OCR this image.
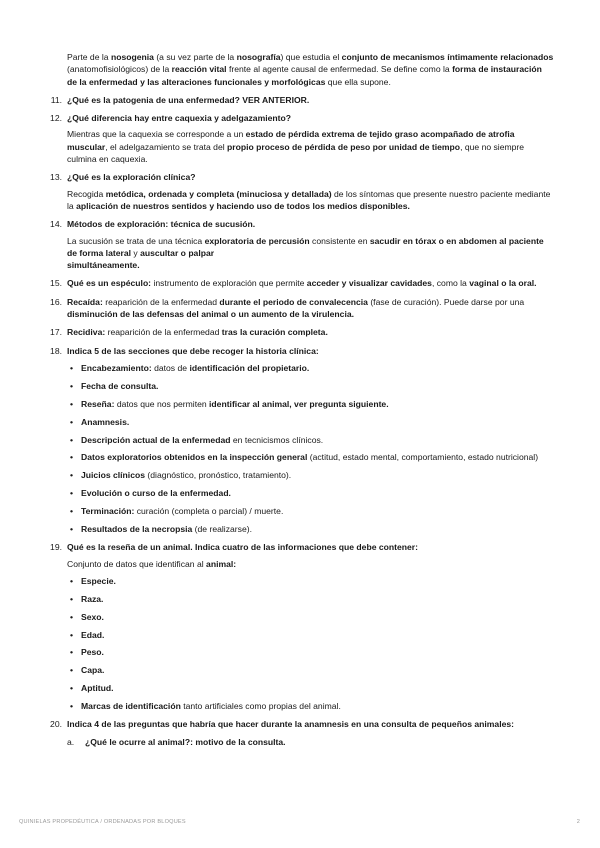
Parte de la nosogenia (a su vez parte de la nosografía) que estudia el conjunto de mecanismos íntimamente relacionados (anatomofisiológicos) de la reacción vital frente al agente causal de enfermedad. Se define como la forma de instauración de la enfermedad y las alteraciones funcionales y morfológicas que ella supone.

11. ¿Qué es la patogenia de una enfermedad? VER ANTERIOR.
12. ¿Qué diferencia hay entre caquexia y adelgazamiento?

Mientras que la caquexia se corresponde a un estado de pérdida extrema de tejido graso acompañado de atrofia muscular, el adelgazamiento se trata del propio proceso de pérdida de peso por unidad de tiempo, que no siempre culmina en caquexia.

13. ¿Qué es la exploración clínica?

Recogida metódica, ordenada y completa (minuciosa y detallada) de los síntomas que presente nuestro paciente mediante la aplicación de nuestros sentidos y haciendo uso de todos los medios disponibles.

14. Métodos de exploración: técnica de sucusión.

La sucusión se trata de una técnica exploratoria de percusión consistente en sacudir en tórax o en abdomen al paciente de forma lateral y auscultar o palpar
simultáneamente.

15. Qué es un espéculo: instrumento de exploración que permite acceder y visualizar cavidades, como la vaginal o la oral.
16. Recaída: reaparición de la enfermedad durante el periodo de convalecencia (fase de curación). Puede darse por una disminución de las defensas del animal o un aumento de la virulencia.
17. Recidiva: reaparición de la enfermedad tras la curación completa.
18. Indica 5 de las secciones que debe recoger la historia clínica:
• Encabezamiento: datos de identificación del propietario.
• Fecha de consulta.
• Reseña: datos que nos permiten identificar al animal, ver pregunta siguiente.
• Anamnesis.
• Descripción actual de la enfermedad en tecnicismos clínicos.
• Datos exploratorios obtenidos en la inspección general (actitud, estado mental, comportamiento, estado nutricional)
• Juicios clínicos (diagnóstico, pronóstico, tratamiento).
• Evolución o curso de la enfermedad.
• Terminación: curación (completa o parcial) / muerte.
• Resultados de la necropsia (de realizarse).
19. Qué es la reseña de un animal. Indica cuatro de las informaciones que debe contener:

Conjunto de datos que identifican al animal:

• Especie.
• Raza.
• Sexo.
• Edad.
• Peso.
• Capa.
• Aptitud.
• Marcas de identificación tanto artificiales como propias del animal.
20. Indica 4 de las preguntas que habría que hacer durante la anamnesis en una consulta de pequeños animales:
a. ¿Qué le ocurre al animal?: motivo de la consulta.
QUINIELAS PROPEDÉUTICA / ORDENADAS POR BLOQUES	2
